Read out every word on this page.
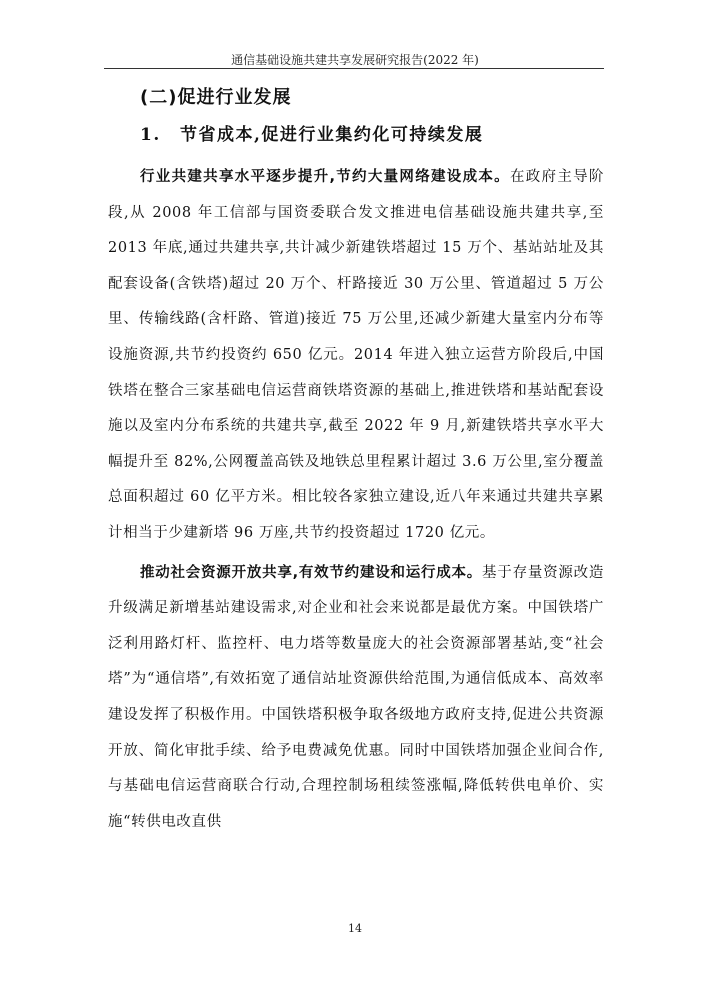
通信基础设施共建共享发展研究报告(2022 年)
(二)促进行业发展
1. 节省成本,促进行业集约化可持续发展

行业共建共享水平逐步提升,节约大量网络建设成本。在政府主导阶段,从 2008 年工信部与国资委联合发文推进电信基础设施共建共享,至 2013 年底,通过共建共享,共计减少新建铁塔超过 15 万个、基站站址及其配套设备(含铁塔)超过 20 万个、杆路接近 30 万公里、管道超过 5 万公里、传输线路(含杆路、管道)接近 75 万公里,还减少新建大量室内分布等设施资源,共节约投资约 650 亿元。2014 年进入独立运营方阶段后,中国铁塔在整合三家基础电信运营商铁塔资源的基础上,推进铁塔和基站配套设施以及室内分布系统的共建共享,截至 2022 年 9 月,新建铁塔共享水平大幅提升至 82%,公网覆盖高铁及地铁总里程累计超过 3.6 万公里,室分覆盖总面积超过 60 亿平方米。相比较各家独立建设,近八年来通过共建共享累计相当于少建新塔 96 万座,共节约投资超过 1720 亿元。

推动社会资源开放共享,有效节约建设和运行成本。基于存量资源改造升级满足新增基站建设需求,对企业和社会来说都是最优方案。中国铁塔广泛利用路灯杆、监控杆、电力塔等数量庞大的社会资源部署基站,变“社会塔”为“通信塔”,有效拓宽了通信站址资源供给范围,为通信低成本、高效率建设发挥了积极作用。中国铁塔积极争取各级地方政府支持,促进公共资源开放、简化审批手续、给予电费减免优惠。同时中国铁塔加强企业间合作,与基础电信运营商联合行动,合理控制场租续签涨幅,降低转供电单价、实施“转供电改直供

14
